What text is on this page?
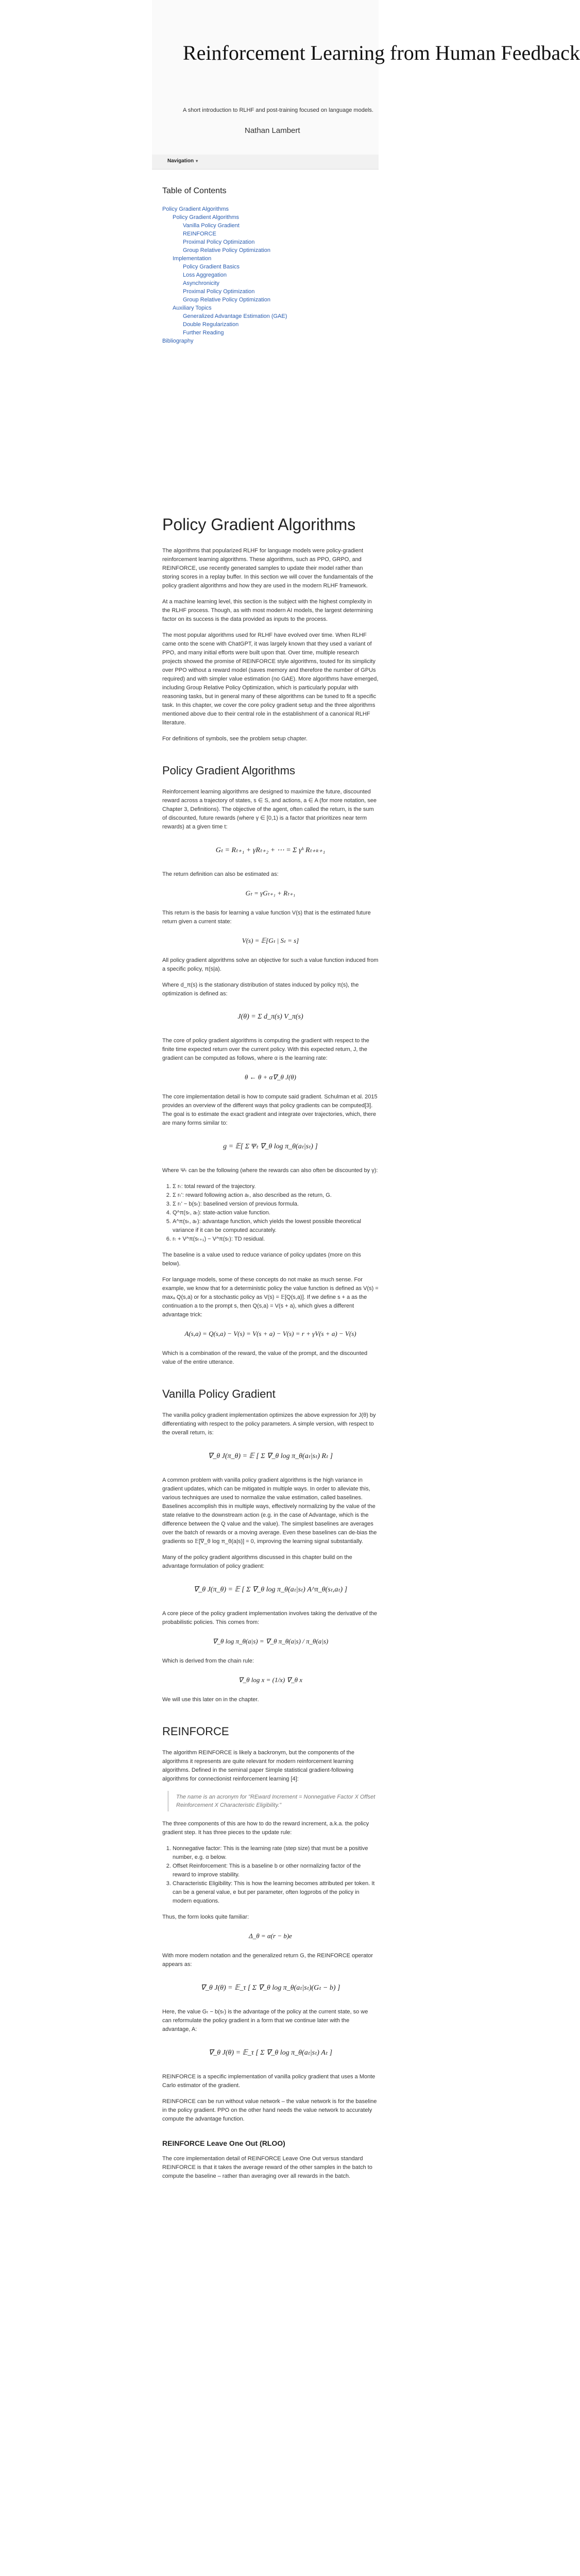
Reinforcement Learning from Human Feedback

A short introduction to RLHF and post-training focused on language models.

Nathan Lambert

Navigation ▾
Table of Contents
Policy Gradient Algorithms
Policy Gradient Algorithms
Vanilla Policy Gradient
REINFORCE
Proximal Policy Optimization
Group Relative Policy Optimization
Implementation
Policy Gradient Basics
Loss Aggregation
Asynchronicity
Proximal Policy Optimization
Group Relative Policy Optimization
Auxiliary Topics
Generalized Advantage Estimation (GAE)
Double Regularization
Further Reading
Bibliography
Policy Gradient Algorithms

The algorithms that popularized RLHF for language models were policy-gradient reinforcement learning algorithms. These algorithms, such as PPO, GRPO, and REINFORCE, use recently generated samples to update their model rather than storing scores in a replay buffer. In this section we will cover the fundamentals of the policy gradient algorithms and how they are used in the modern RLHF framework.

At a machine learning level, this section is the subject with the highest complexity in the RLHF process. Though, as with most modern AI models, the largest determining factor on its success is the data provided as inputs to the process.

The most popular algorithms used for RLHF have evolved over time. When RLHF came onto the scene with ChatGPT, it was largely known that they used a variant of PPO, and many initial efforts were built upon that. Over time, multiple research projects showed the promise of REINFORCE style algorithms, touted for its simplicity over PPO without a reward model (saves memory and therefore the number of GPUs required) and with simpler value estimation (no GAE). More algorithms have emerged, including Group Relative Policy Optimization, which is particularly popular with reasoning tasks, but in general many of these algorithms can be tuned to fit a specific task. In this chapter, we cover the core policy gradient setup and the three algorithms mentioned above due to their central role in the establishment of a canonical RLHF literature.

For definitions of symbols, see the problem setup chapter.

Policy Gradient Algorithms

Reinforcement learning algorithms are designed to maximize the future, discounted reward across a trajectory of states, s ∈ S, and actions, a ∈ A (for more notation, see Chapter 3, Definitions). The objective of the agent, often called the return, is the sum of discounted, future rewards (where γ ∈ [0,1) is a factor that prioritizes near term rewards) at a given time t:

Gₜ = Rₜ₊₁ + γRₜ₊₂ + ⋯ = Σ γᵏ Rₜ₊ₖ₊₁

The return definition can also be estimated as:

Gₜ = γGₜ₊₁ + Rₜ₊₁

This return is the basis for learning a value function V(s) that is the estimated future return given a current state:

V(s) = 𝔼[Gₜ | Sₜ = s]

All policy gradient algorithms solve an objective for such a value function induced from a specific policy, π(s|a).

Where d_π(s) is the stationary distribution of states induced by policy π(s), the optimization is defined as:

J(θ) = Σ d_π(s) V_π(s)

The core of policy gradient algorithms is computing the gradient with respect to the finite time expected return over the current policy. With this expected return, J, the gradient can be computed as follows, where α is the learning rate:

θ ← θ + α∇_θ J(θ)

The core implementation detail is how to compute said gradient. Schulman et al. 2015 provides an overview of the different ways that policy gradients can be computed[3]. The goal is to estimate the exact gradient and integrate over trajectories, which, there are many forms similar to:

g = 𝔼[ Σ Ψₜ ∇_θ log π_θ(aₜ|sₜ) ]

Where Ψₜ can be the following (where the rewards can also often be discounted by γ):

1. Σ rₜ: total reward of the trajectory.
2. Σ rₜ': reward following action aₜ, also described as the return, G.
3. Σ rₜ' − b(sₜ): baselined version of previous formula.
4. Q^π(sₜ, aₜ): state-action value function.
5. A^π(sₜ, aₜ): advantage function, which yields the lowest possible theoretical variance if it can be computed accurately.
6. rₜ + V^π(sₜ₊₁) − V^π(sₜ): TD residual.

The baseline is a value used to reduce variance of policy updates (more on this below).

For language models, some of these concepts do not make as much sense. For example, we know that for a deterministic policy the value function is defined as V(s) = maxₐ Q(s,a) or for a stochastic policy as V(s) = 𝔼[Q(s,a)]. If we define s + a as the continuation a to the prompt s, then Q(s,a) = V(s + a), which gives a different advantage trick:

A(s,a) = Q(s,a) − V(s) = V(s + a) − V(s) = r + γV(s + a) − V(s)

Which is a combination of the reward, the value of the prompt, and the discounted value of the entire utterance.

Vanilla Policy Gradient

The vanilla policy gradient implementation optimizes the above expression for J(θ) by differentiating with respect to the policy parameters. A simple version, with respect to the overall return, is:

∇_θ J(π_θ) = 𝔼 [ Σ ∇_θ log π_θ(aₜ|sₜ) Rₜ ]

A common problem with vanilla policy gradient algorithms is the high variance in gradient updates, which can be mitigated in multiple ways. In order to alleviate this, various techniques are used to normalize the value estimation, called baselines. Baselines accomplish this in multiple ways, effectively normalizing by the value of the state relative to the downstream action (e.g. in the case of Advantage, which is the difference between the Q value and the value). The simplest baselines are averages over the batch of rewards or a moving average. Even these baselines can de-bias the gradients so 𝔼[∇_θ log π_θ(a|s)] = 0, improving the learning signal substantially.

Many of the policy gradient algorithms discussed in this chapter build on the advantage formulation of policy gradient:

∇_θ J(π_θ) = 𝔼 [ Σ ∇_θ log π_θ(aₜ|sₜ) A^π_θ(sₜ,aₜ) ]

A core piece of the policy gradient implementation involves taking the derivative of the probabilistic policies. This comes from:

∇_θ log π_θ(a|s) = ∇_θ π_θ(a|s) / π_θ(a|s)

Which is derived from the chain rule:

∇_θ log x = (1/x) ∇_θ x

We will use this later on in the chapter.

REINFORCE

The algorithm REINFORCE is likely a backronym, but the components of the algorithms it represents are quite relevant for modern reinforcement learning algorithms. Defined in the seminal paper Simple statistical gradient-following algorithms for connectionist reinforcement learning [4]:

The name is an acronym for "REward Increment = Nonnegative Factor X Offset Reinforcement X Characteristic Eligibility."

The three components of this are how to do the reward increment, a.k.a. the policy gradient step. It has three pieces to the update rule:

1. Nonnegative factor: This is the learning rate (step size) that must be a positive number, e.g. α below.
2. Offset Reinforcement: This is a baseline b or other normalizing factor of the reward to improve stability.
3. Characteristic Eligibility: This is how the learning becomes attributed per token. It can be a general value, e but per parameter, often logprobs of the policy in modern equations.

Thus, the form looks quite familiar:

Δ_θ = α(r − b)e

With more modern notation and the generalized return G, the REINFORCE operator appears as:

∇_θ J(θ) = 𝔼_τ [ Σ ∇_θ log π_θ(aₜ|sₜ)(Gₜ − b) ]

Here, the value Gₜ − b(sₜ) is the advantage of the policy at the current state, so we can reformulate the policy gradient in a form that we continue later with the advantage, A:

∇_θ J(θ) = 𝔼_τ [ Σ ∇_θ log π_θ(aₜ|sₜ) Aₜ ]

REINFORCE is a specific implementation of vanilla policy gradient that uses a Monte Carlo estimator of the gradient.

REINFORCE can be run without value network – the value network is for the baseline in the policy gradient. PPO on the other hand needs the value network to accurately compute the advantage function.

REINFORCE Leave One Out (RLOO)

The core implementation detail of REINFORCE Leave One Out versus standard REINFORCE is that it takes the average reward of the other samples in the batch to compute the baseline – rather than averaging over all rewards in the batch.
